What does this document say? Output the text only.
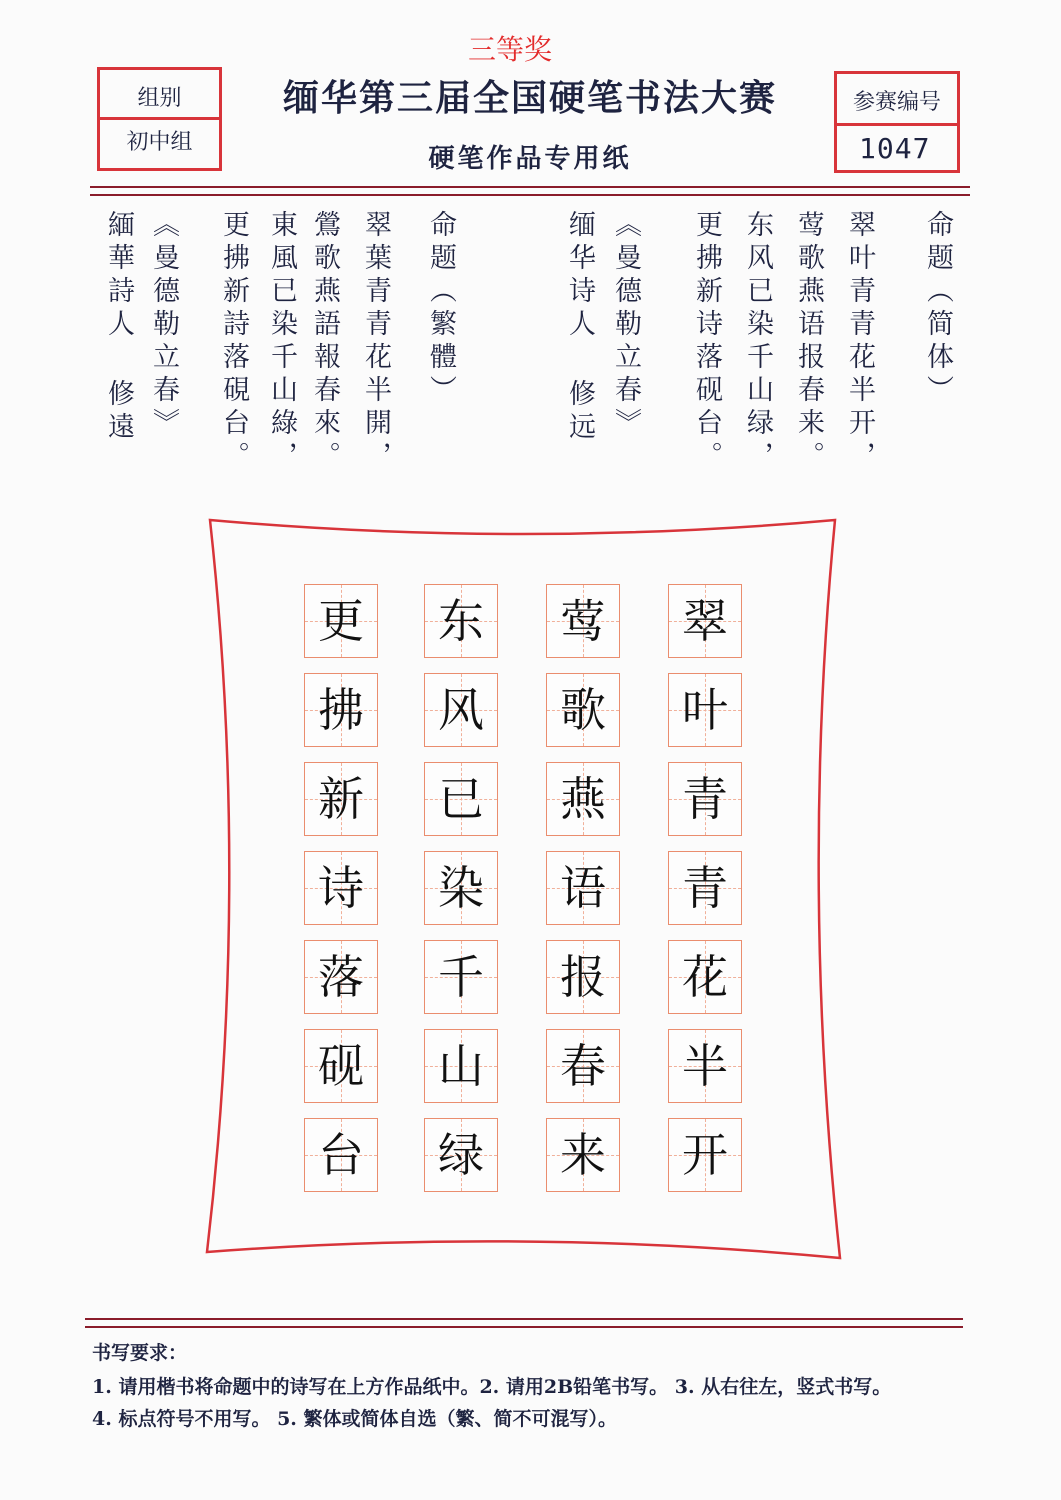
三等奖
组别
初中组
缅华第三届全国硬笔书法大赛
硬笔作品专用纸
参赛编号
1047
命题（简体）
翠叶青青花半开，
莺歌燕语报春来。
东风已染千山绿，
更拂新诗落砚台。
《曼德勒立春》
缅华诗人 修远
命题（繁體）
翠葉青青花半開，
鶯歌燕語報春來。
東風已染千山綠，
更拂新詩落硯台。
《曼德勒立春》
緬華詩人 修遠
翠
叶
青
青
花
半
开
莺
歌
燕
语
报
春
来
东
风
已
染
千
山
绿
更
拂
新
诗
落
砚
台
书写要求：
1. 请用楷书将命题中的诗写在上方作品纸中。2. 请用2B铅笔书写。 3. 从右往左，竖式书写。
4. 标点符号不用写。 5. 繁体或简体自选（繁、简不可混写）。
